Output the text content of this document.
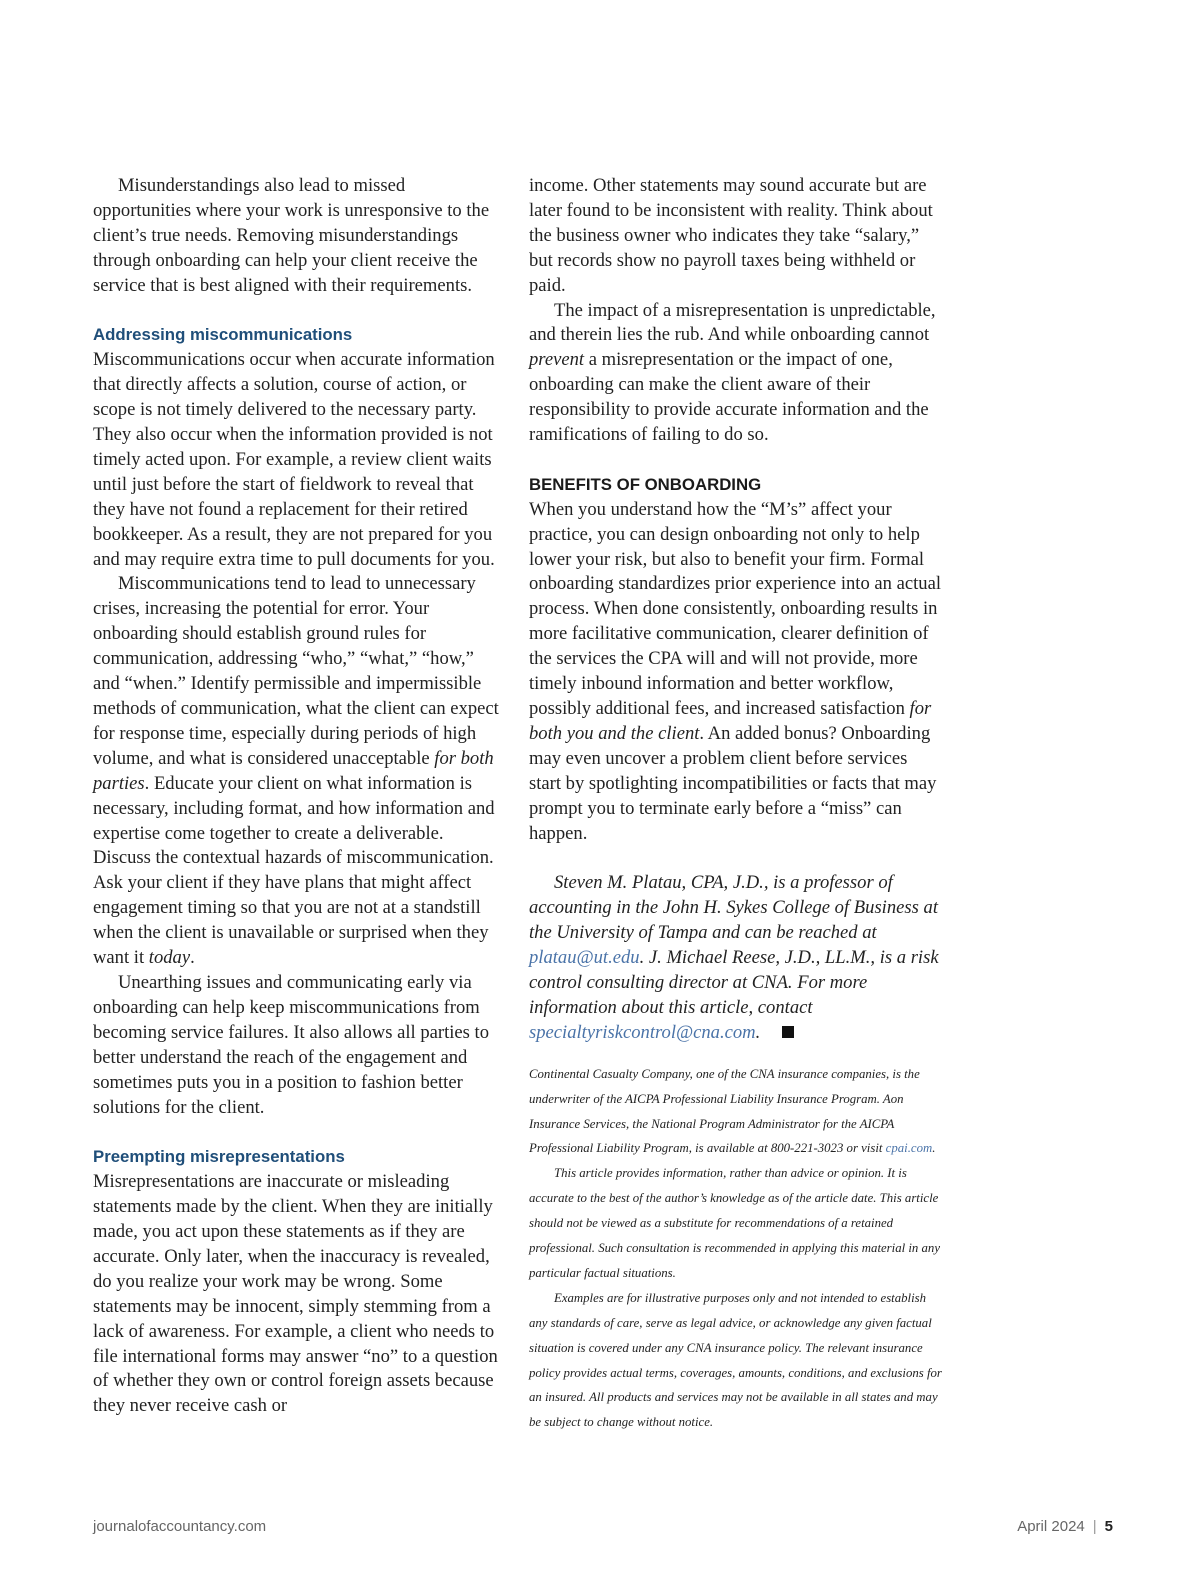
Misunderstandings also lead to missed opportunities where your work is unresponsive to the client’s true needs. Removing misunderstandings through onboarding can help your client receive the service that is best aligned with their requirements.

Addressing miscommunications

Miscommunications occur when accurate information that directly affects a solution, course of action, or scope is not timely delivered to the necessary party. They also occur when the information provided is not timely acted upon. For example, a review client waits until just before the start of fieldwork to reveal that they have not found a replacement for their retired bookkeeper. As a result, they are not prepared for you and may require extra time to pull documents for you.

Miscommunications tend to lead to unnecessary crises, increasing the potential for error. Your onboarding should establish ground rules for communication, addressing “who,” “what,” “how,” and “when.” Identify permissible and impermissible methods of communication, what the client can expect for response time, especially during periods of high volume, and what is considered unacceptable for both parties. Educate your client on what information is necessary, including format, and how information and expertise come together to create a deliverable. Discuss the contextual hazards of miscommunication. Ask your client if they have plans that might affect engagement timing so that you are not at a standstill when the client is unavailable or surprised when they want it today.

Unearthing issues and communicating early via onboarding can help keep miscommunications from becoming service failures. It also allows all parties to better understand the reach of the engagement and sometimes puts you in a position to fashion better solutions for the client.

Preempting misrepresentations

Misrepresentations are inaccurate or misleading statements made by the client. When they are initially made, you act upon these statements as if they are accurate. Only later, when the inaccuracy is revealed, do you realize your work may be wrong. Some statements may be innocent, simply stemming from a lack of awareness. For example, a client who needs to file international forms may answer “no” to a question of whether they own or control foreign assets because they never receive cash or

income. Other statements may sound accurate but are later found to be inconsistent with reality. Think about the business owner who indicates they take “salary,” but records show no payroll taxes being withheld or paid.

The impact of a misrepresentation is unpredictable, and therein lies the rub. And while onboarding cannot prevent a misrepresentation or the impact of one, onboarding can make the client aware of their responsibility to provide accurate information and the ramifications of failing to do so.

BENEFITS OF ONBOARDING

When you understand how the “M’s” affect your practice, you can design onboarding not only to help lower your risk, but also to benefit your firm. Formal onboarding standardizes prior experience into an actual process. When done consistently, onboarding results in more facilitative communication, clearer definition of the services the CPA will and will not provide, more timely inbound information and better workflow, possibly additional fees, and increased satisfaction for both you and the client. An added bonus? Onboarding may even uncover a problem client before services start by spotlighting incompatibilities or facts that may prompt you to terminate early before a “miss” can happen.

Steven M. Platau, CPA, J.D., is a professor of accounting in the John H. Sykes College of Business at the University of Tampa and can be reached at platau@ut.edu. J. Michael Reese, J.D., LL.M., is a risk control consulting director at CNA. For more information about this article, contact specialtyriskcontrol@cna.com.

Continental Casualty Company, one of the CNA insurance companies, is the underwriter of the AICPA Professional Liability Insurance Program. Aon Insurance Services, the National Program Administrator for the AICPA Professional Liability Program, is available at 800-221-3023 or visit cpai.com.

This article provides information, rather than advice or opinion. It is accurate to the best of the author’s knowledge as of the article date. This article should not be viewed as a substitute for recommendations of a retained professional. Such consultation is recommended in applying this material in any particular factual situations.

Examples are for illustrative purposes only and not intended to establish any standards of care, serve as legal advice, or acknowledge any given factual situation is covered under any CNA insurance policy. The relevant insurance policy provides actual terms, coverages, amounts, conditions, and exclusions for an insured. All products and services may not be available in all states and may be subject to change without notice.

journalofaccountancy.com	April 2024 | 5
